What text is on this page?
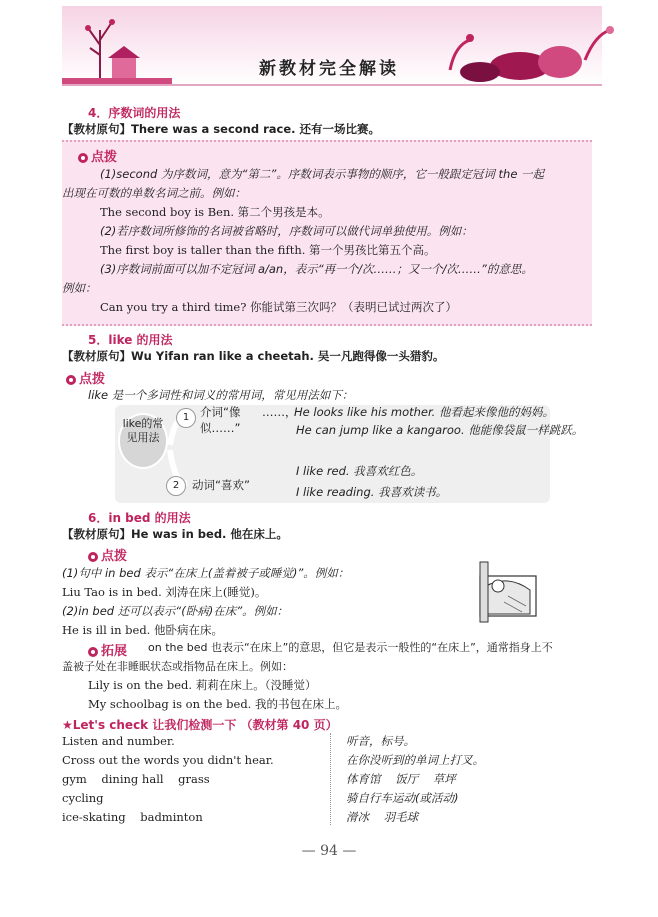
新教材完全解读
4．序数词的用法
【教材原句】There was a second race. 还有一场比赛。
点拨
(1)second 为序数词，意为“第二”。序数词表示事物的顺序，它一般跟定冠词 the 一起
出现在可数的单数名词之前。例如：
The second boy is Ben. 第二个男孩是本。
(2)若序数词所修饰的名词被省略时，序数词可以做代词单独使用。例如：
The first boy is taller than the fifth. 第一个男孩比第五个高。
(3)序数词前面可以加不定冠词 a/an，表示“再一个/次……；又一个/次……”的意思。
例如：
Can you try a third time? 你能试第三次吗？（表明已试过两次了）
5．like 的用法
【教材原句】Wu Yifan ran like a cheetah. 吴一凡跑得像一头猎豹。
点拨
like 是一个多词性和词义的常用词，常见用法如下：
like的常见用法
1 介词“像
似……”
……，
He looks like his mother. 他看起来像他的妈妈。
He can jump like a kangaroo. 他能像袋鼠一样跳跃。
2	动词“喜欢”
I like red. 我喜欢红色。
I like reading. 我喜欢读书。
6．in bed 的用法
【教材原句】He was in bed. 他在床上。
点拨
(1)句中 in bed 表示“在床上(盖着被子或睡觉)”。例如：
Liu Tao is in bed. 刘涛在床上(睡觉)。
(2)in bed 还可以表示“(卧病)在床”。例如：
He is ill in bed. 他卧病在床。
拓展 on the bed 也表示“在床上”的意思，但它是表示一般性的“在床上”，通常指身上不
盖被子处在非睡眠状态或指物品在床上。例如：
Lily is on the bed. 莉莉在床上。（没睡觉）
My schoolbag is on the bed. 我的书包在床上。
★Let's check 让我们检测一下 （教材第 40 页）
Listen and number.
Cross out the words you didn't hear.
gym    dining hall    grass
cycling
ice-skating    badminton
听音，标号。
在你没听到的单词上打叉。
体育馆    饭厅    草坪
骑自行车运动(或活动)
滑冰    羽毛球
— 94 —
